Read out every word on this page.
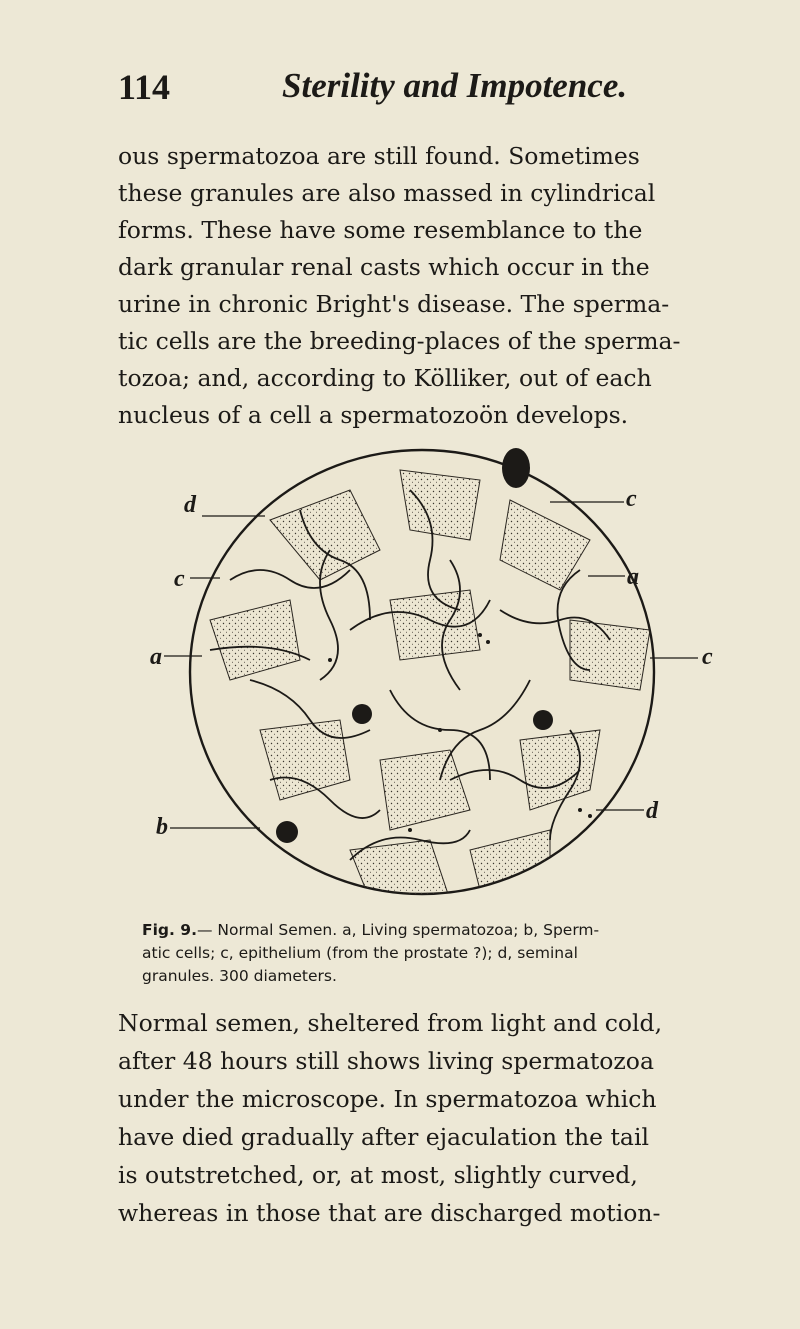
114	Sterility and Impotence.
ous spermatozoa are still found. Sometimes
these granules are also massed in cylindrical
forms. These have some resemblance to the
dark granular renal casts which occur in the
urine in chronic Bright's disease. The sperma-
tic cells are the breeding-places of the sperma-
tozoa; and, according to Kölliker, out of each
nucleus of a cell a spermatozoön develops.
d
c
a
b
c
a
c
d
Fig. 9.— Normal Semen. a, Living spermatozoa; b, Sperm-
atic cells; c, epithelium (from the prostate ?); d, seminal
granules. 300 diameters.
Normal semen, sheltered from light and cold,
after 48 hours still shows living spermatozoa
under the microscope. In spermatozoa which
have died gradually after ejaculation the tail
is outstretched, or, at most, slightly curved,
whereas in those that are discharged motion-
